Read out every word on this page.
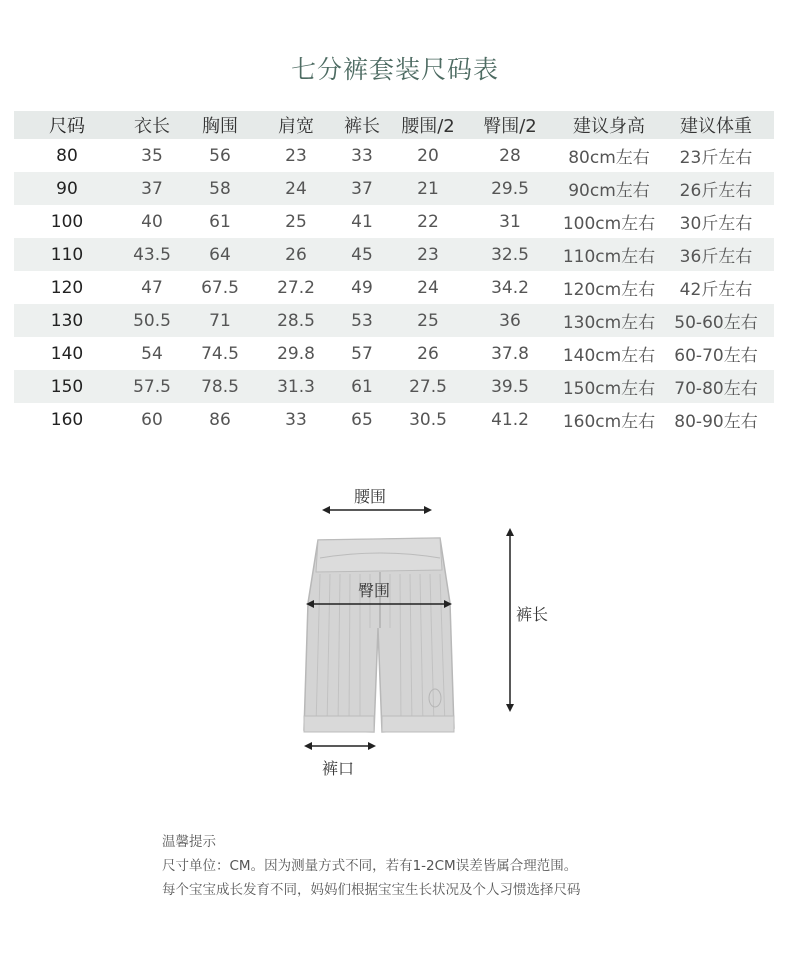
七分裤套装尺码表
尺码	衣长	胸围	肩宽	裤长	腰围/2	臀围/2	建议身高	建议体重
80	35	56	23	33	20	28	80cm左右	23斤左右
90	37	58	24	37	21	29.5	90cm左右	26斤左右
100	40	61	25	41	22	31	100cm左右	30斤左右
110	43.5	64	26	45	23	32.5	110cm左右	36斤左右
120	47	67.5	27.2	49	24	34.2	120cm左右	42斤左右
130	50.5	71	28.5	53	25	36	130cm左右	50-60左右
140	54	74.5	29.8	57	26	37.8	140cm左右	60-70左右
150	57.5	78.5	31.3	61	27.5	39.5	150cm左右	70-80左右
160	60	86	33	65	30.5	41.2	160cm左右	80-90左右
腰围
臀围
裤长
裤口
温馨提示
尺寸单位：CM。因为测量方式不同，若有1-2CM误差皆属合理范围。
每个宝宝成长发育不同，妈妈们根据宝宝生长状况及个人习惯选择尺码
